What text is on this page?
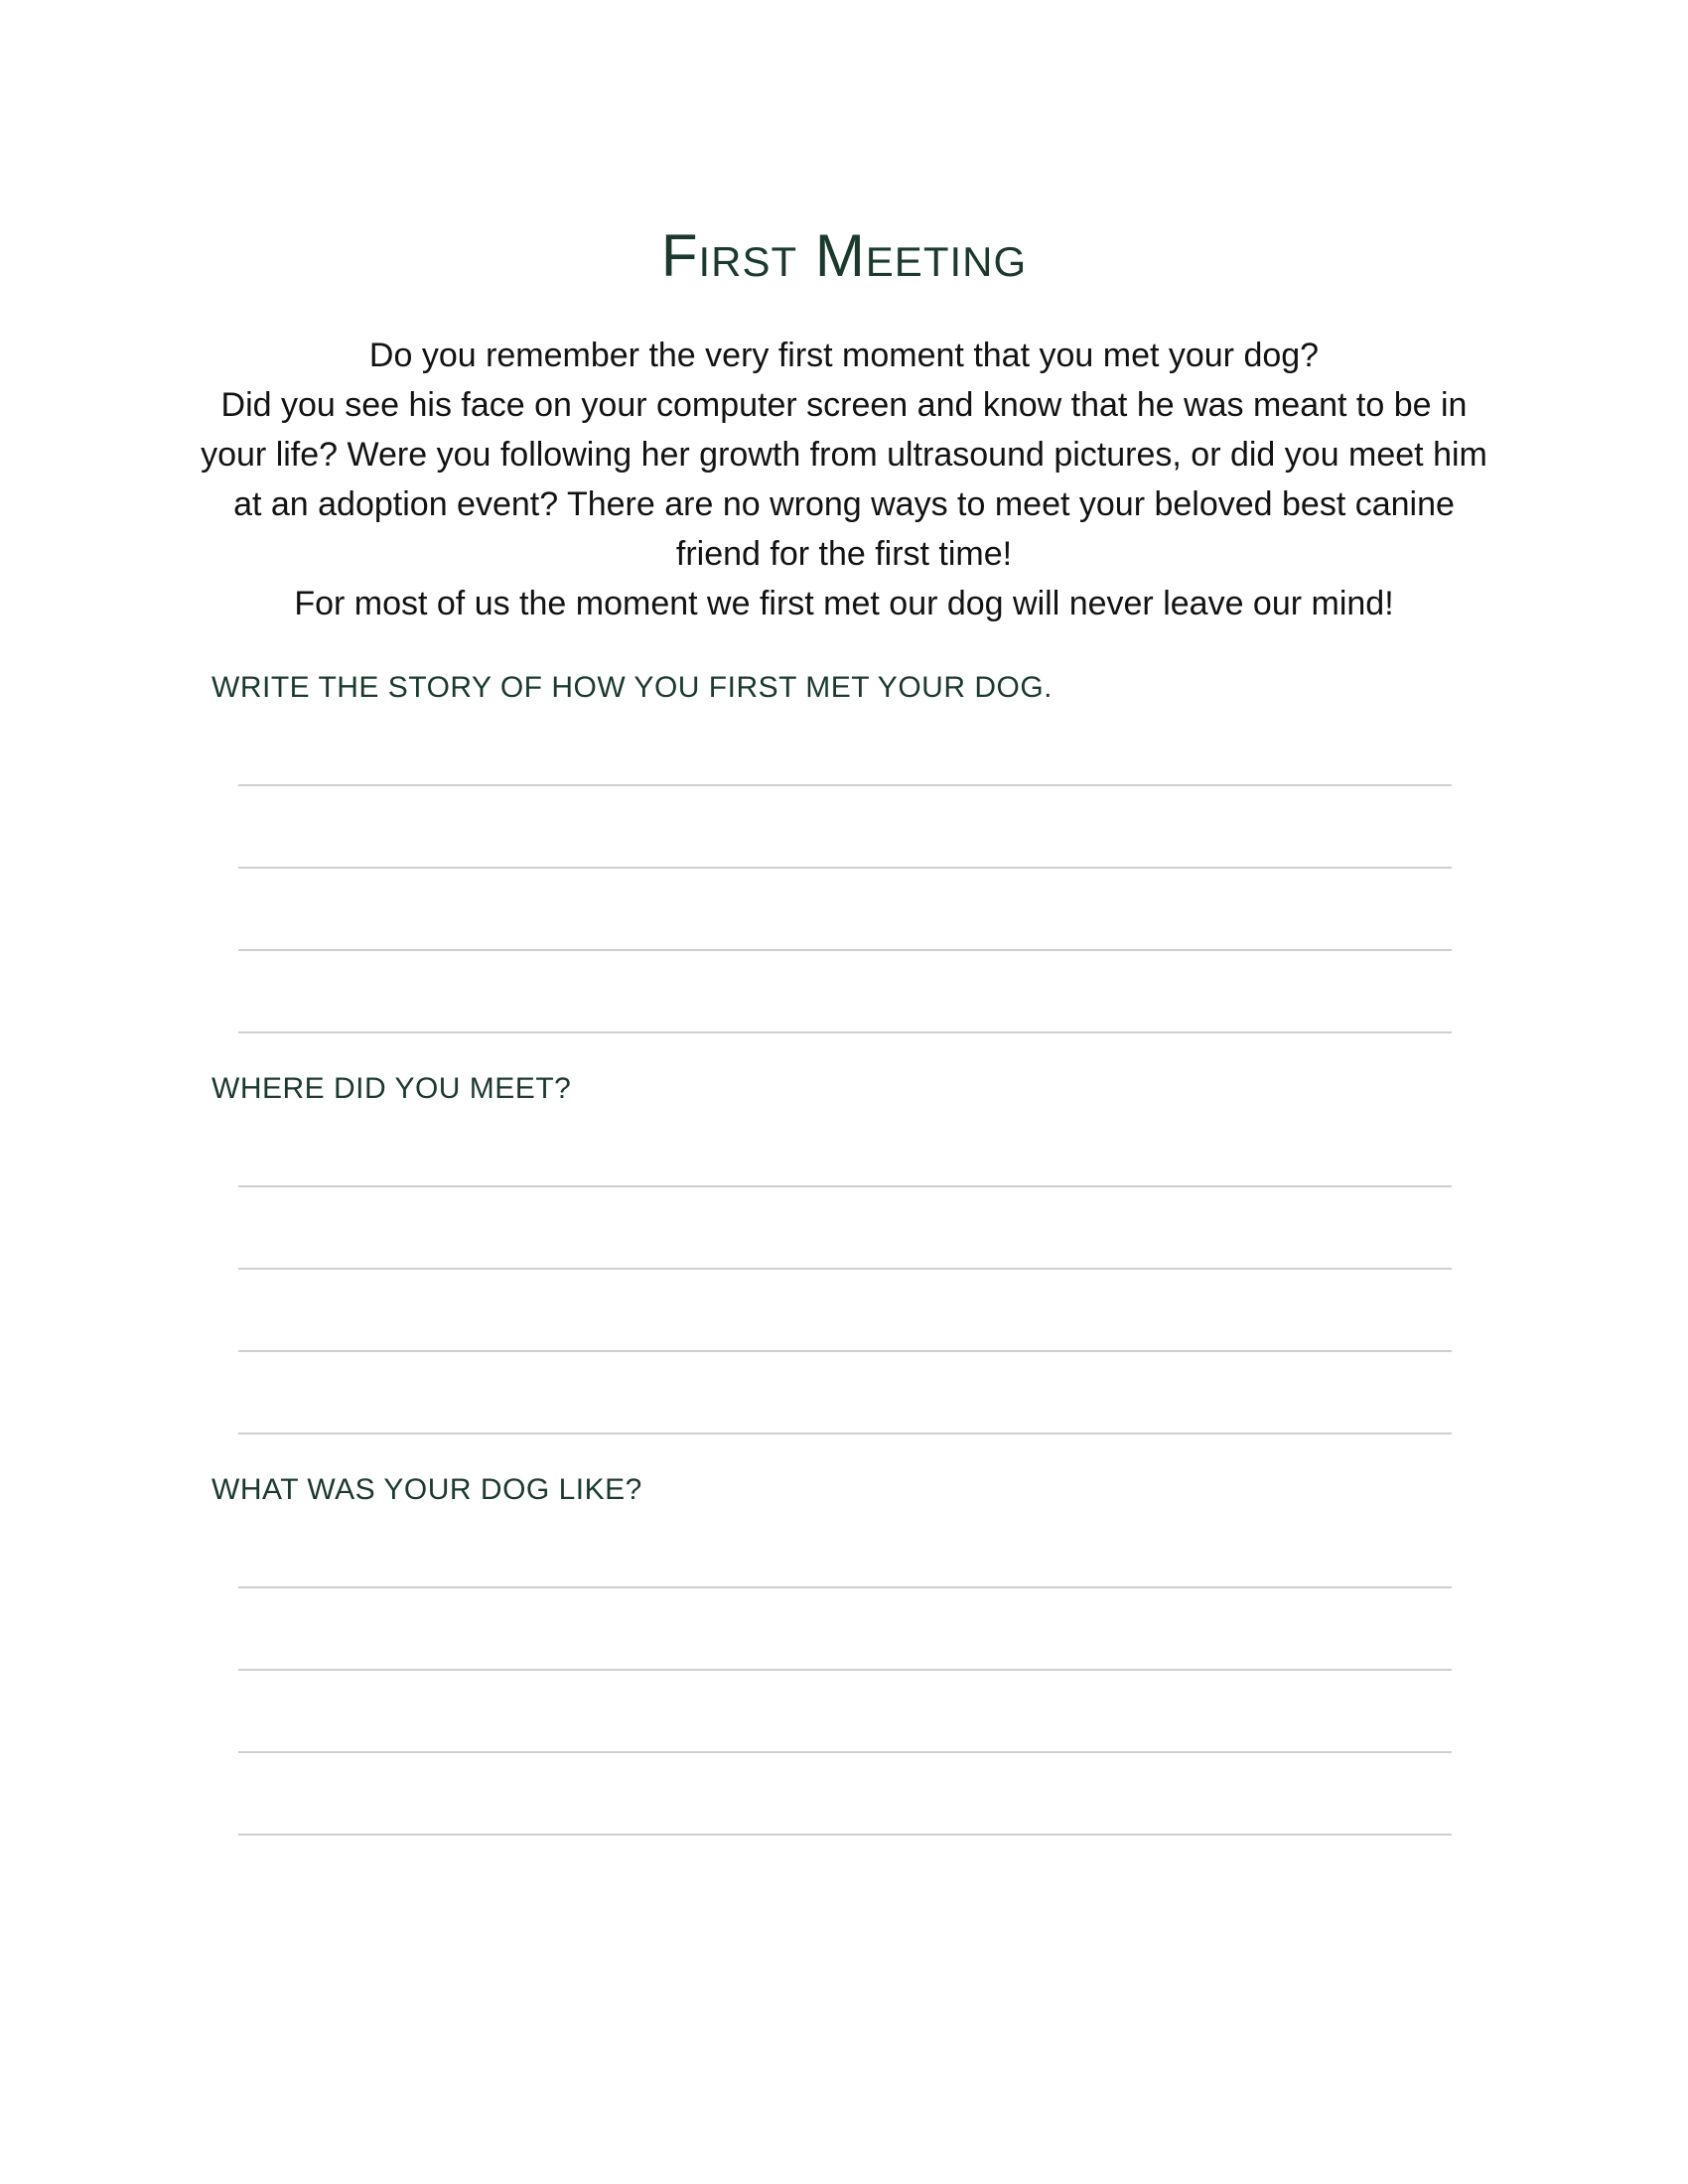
First Meeting

Do you remember the very first moment that you met your dog?

Did you see his face on your computer screen and know that he was meant to be in your life? Were you following her growth from ultrasound pictures, or did you meet him at an adoption event? There are no wrong ways to meet your beloved best canine friend for the first time!

For most of us the moment we first met our dog will never leave our mind!

WRITE THE STORY OF HOW YOU FIRST MET YOUR DOG.
WHERE DID YOU MEET?
WHAT WAS YOUR DOG LIKE?
